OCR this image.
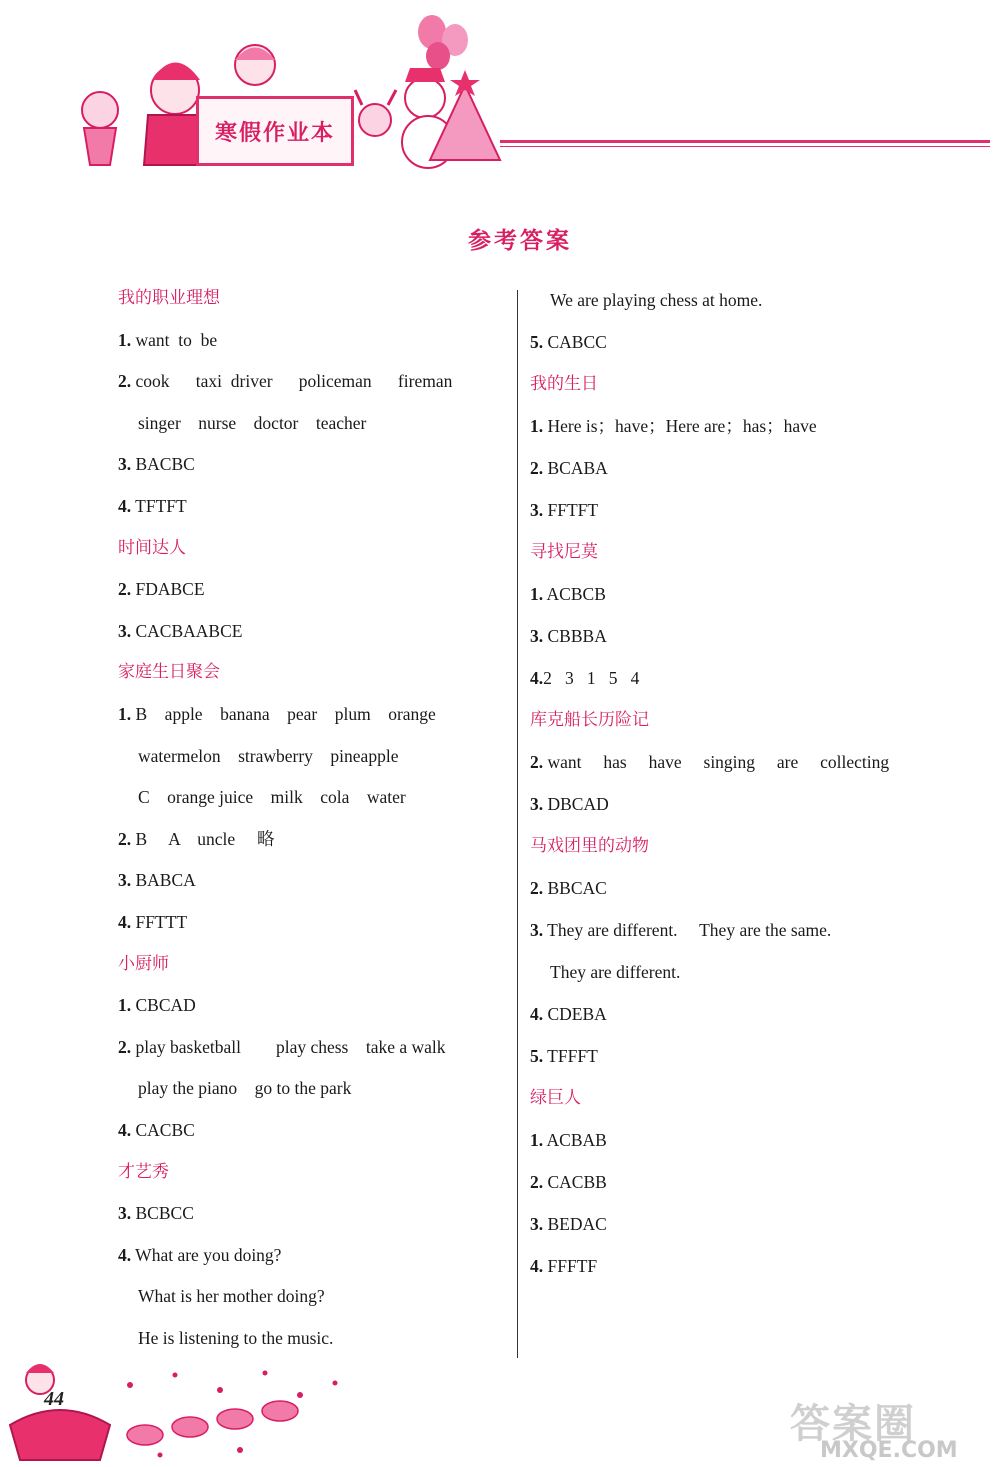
寒假作业本
参考答案
我的职业理想
1. want  to  be
2. cook      taxi  driver      policeman      fireman
singer    nurse    doctor    teacher
3. BACBC
4. TFTFT
时间达人
2. FDABCE
3. CACBAABCE
家庭生日聚会
1. B    apple    banana    pear    plum    orange
watermelon    strawberry    pineapple
C    orange juice    milk    cola    water
2. B     A    uncle     略
3. BABCA
4. FFTTT
小厨师
1. CBCAD
2. play basketball        play chess    take a walk
play the piano    go to the park
4. CACBC
才艺秀
3. BCBCC
4. What are you doing?
What is her mother doing?
He is listening to the music.
We are playing chess at home.
5. CABCC
我的生日
1. Here is；have；Here are；has；have
2. BCABA
3. FFTFT
寻找尼莫
1. ACBCB
3. CBBBA
4.2   3   1   5   4
库克船长历险记
2. want     has     have     singing     are     collecting
3. DBCAD
马戏团里的动物
2. BBCAC
3. They are different.     They are the same.
They are different.
4. CDEBA
5. TFFFT
绿巨人
1. ACBAB
2. CACBB
3. BEDAC
4. FFFTF
44
答案圈
MXQE.COM
